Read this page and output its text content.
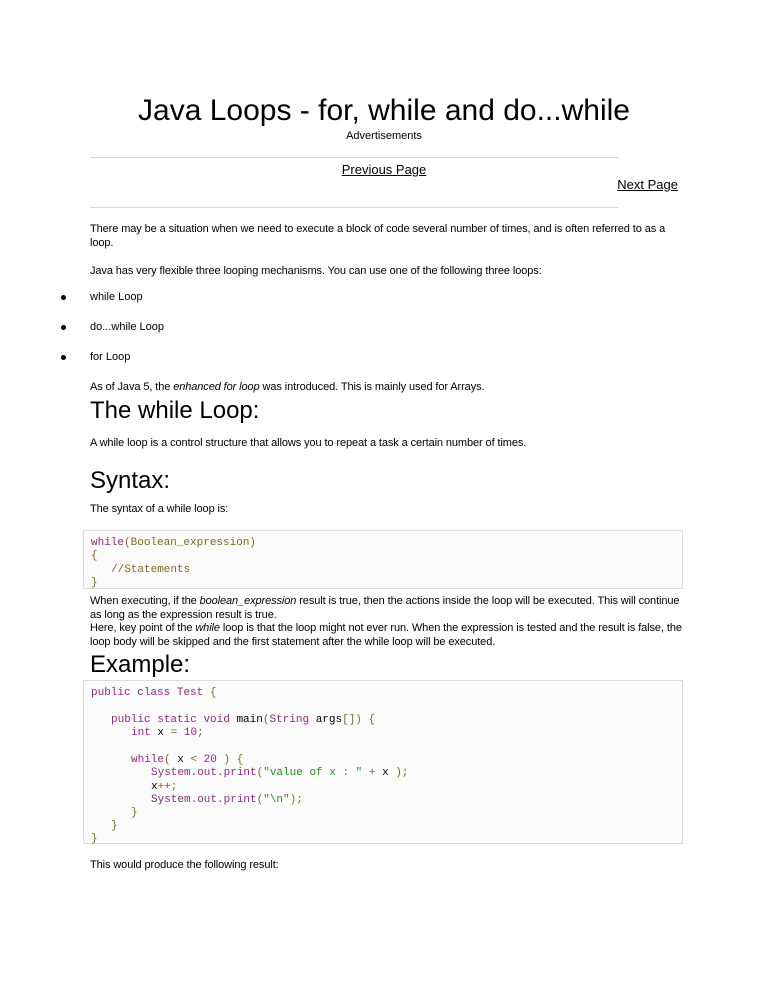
Java Loops - for, while and do...while
Advertisements
Previous Page
Next Page
There may be a situation when we need to execute a block of code several number of times, and is often referred to as a loop.
Java has very flexible three looping mechanisms. You can use one of the following three loops:
while Loop
do...while Loop
for Loop
As of Java 5, the enhanced for loop was introduced. This is mainly used for Arrays.
The while Loop:
A while loop is a control structure that allows you to repeat a task a certain number of times.
Syntax:
The syntax of a while loop is:
while(Boolean_expression)
{
//Statements
}
When executing, if the boolean_expression result is true, then the actions inside the loop will be executed. This will continue as long as the expression result is true.
Here, key point of the while loop is that the loop might not ever run. When the expression is tested and the result is false, the loop body will be skipped and the first statement after the while loop will be executed.
Example:
public class Test {
public static void main(String args[]) {
int x = 10;
while( x < 20 ) {
System.out.print("value of x : " + x );
x++;
System.out.print("\n");
}
}
}
This would produce the following result:
